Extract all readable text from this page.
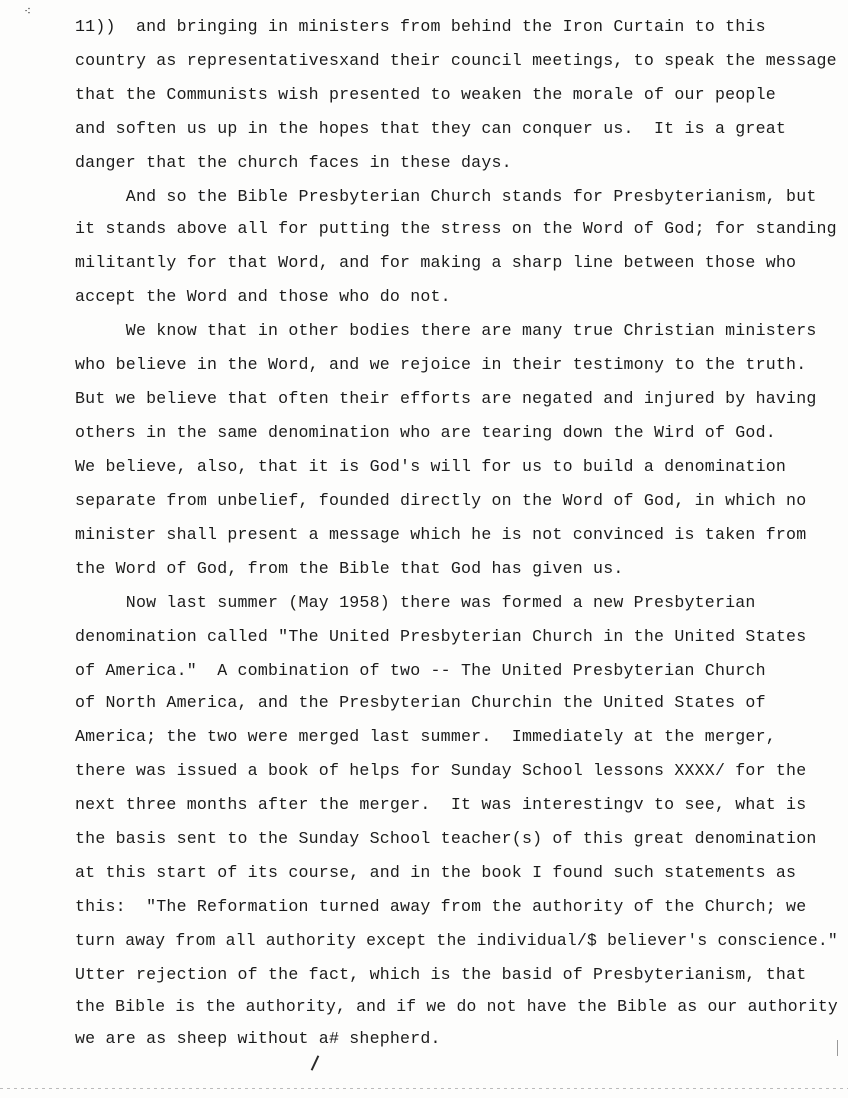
⁖
11))  and bringing in ministers from behind the Iron Curtain to this
country as representativesxand their council meetings, to speak the message
that the Communists wish presented to weaken the morale of our people
and soften us up in the hopes that they can conquer us.  It is a great
danger that the church faces in these days.
And so the Bible Presbyterian Church stands for Presbyterianism, but
it stands above all for putting the stress on the Word of God; for standing
militantly for that Word, and for making a sharp line between those who
accept the Word and those who do not.
We know that in other bodies there are many true Christian ministers
who believe in the Word, and we rejoice in their testimony to the truth.
But we believe that often their efforts are negated and injured by having
others in the same denomination who are tearing down the Wird of God.
We believe, also, that it is God's will for us to build a denomination
separate from unbelief, founded directly on the Word of God, in which no
minister shall present a message which he is not convinced is taken from
the Word of God, from the Bible that God has given us.
Now last summer (May 1958) there was formed a new Presbyterian
denomination called "The United Presbyterian Church in the United States
of America."  A combination of two -- The United Presbyterian Church
of North America, and the Presbyterian Churchin the United States of
America; the two were merged last summer.  Immediately at the merger,
there was issued a book of helps for Sunday School lessons XXXX/ for the
next three months after the merger.  It was interestingv to see, what is
the basis sent to the Sunday School teacher(s) of this great denomination
at this start of its course, and in the book I found such statements as
this:  "The Reformation turned away from the authority of the Church; we
turn away from all authority except the individual/$ believer's conscience."
Utter rejection of the fact, which is the basid of Presbyterianism, that
the Bible is the authority, and if we do not have the Bible as our authority
we are as sheep without a# shepherd.
